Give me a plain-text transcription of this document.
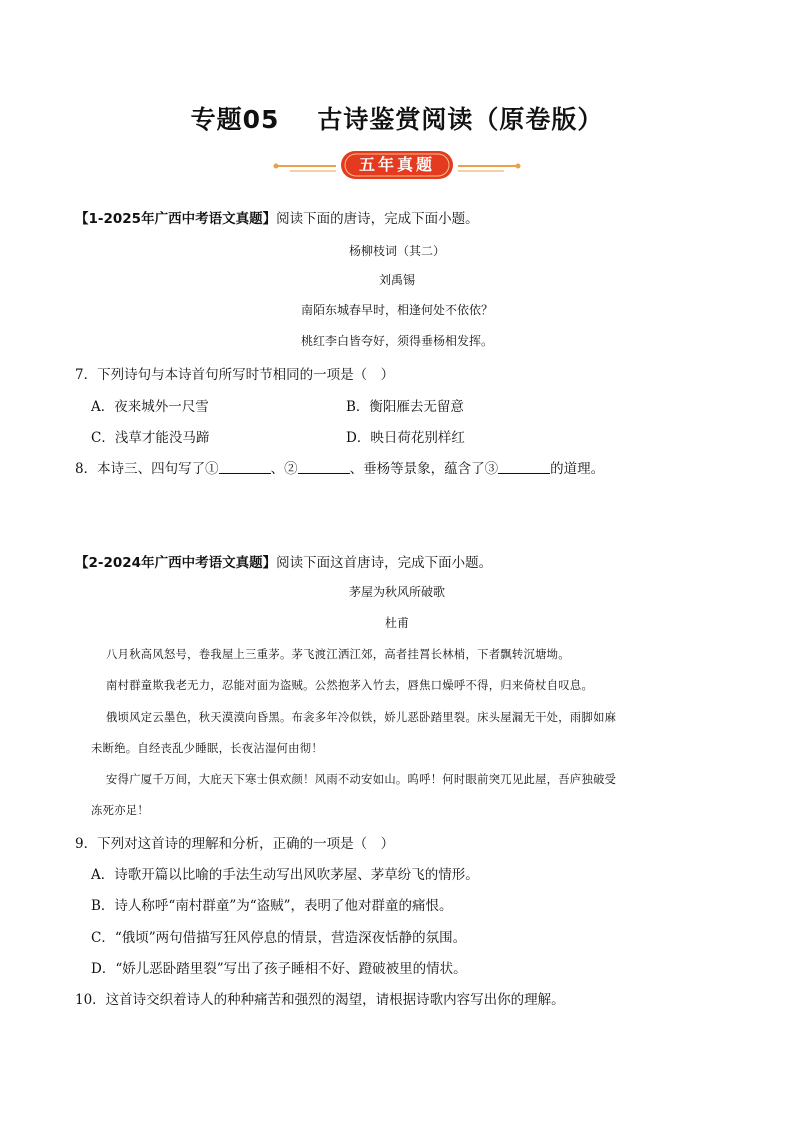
专题05 古诗鉴赏阅读（原卷版）
五年真题
【1-2025年广西中考语文真题】阅读下面的唐诗，完成下面小题。
杨柳枝词（其二）
刘禹锡
南陌东城春早时，相逢何处不依依？
桃红李白皆夸好，须得垂杨相发挥。
7．下列诗句与本诗首句所写时节相同的一项是（　）
A．夜来城外一尺雪	B．衡阳雁去无留意
C．浅草才能没马蹄	D．映日荷花别样红
8．本诗三、四句写了①	、②	、垂杨等景象，蕴含了③	的道理。
【2-2024年广西中考语文真题】阅读下面这首唐诗，完成下面小题。
茅屋为秋风所破歌
杜甫
八月秋高风怒号，卷我屋上三重茅。茅飞渡江洒江郊，高者挂罥长林梢，下者飘转沉塘坳。
南村群童欺我老无力，忍能对面为盗贼。公然抱茅入竹去，唇焦口燥呼不得，归来倚杖自叹息。
俄顷风定云墨色，秋天漠漠向昏黑。布衾多年冷似铁，娇儿恶卧踏里裂。床头屋漏无干处，雨脚如麻
未断绝。自经丧乱少睡眠，长夜沾湿何由彻！
安得广厦千万间，大庇天下寒士俱欢颜！风雨不动安如山。呜呼！何时眼前突兀见此屋，吾庐独破受
冻死亦足！
9．下列对这首诗的理解和分析，正确的一项是（　）
A．诗歌开篇以比喻的手法生动写出风吹茅屋、茅草纷飞的情形。
B．诗人称呼“南村群童”为“盗贼”，表明了他对群童的痛恨。
C．“俄顷”两句借描写狂风停息的情景，营造深夜恬静的氛围。
D．“娇儿恶卧踏里裂”写出了孩子睡相不好、蹬破被里的情状。
10．这首诗交织着诗人的种种痛苦和强烈的渴望，请根据诗歌内容写出你的理解。
